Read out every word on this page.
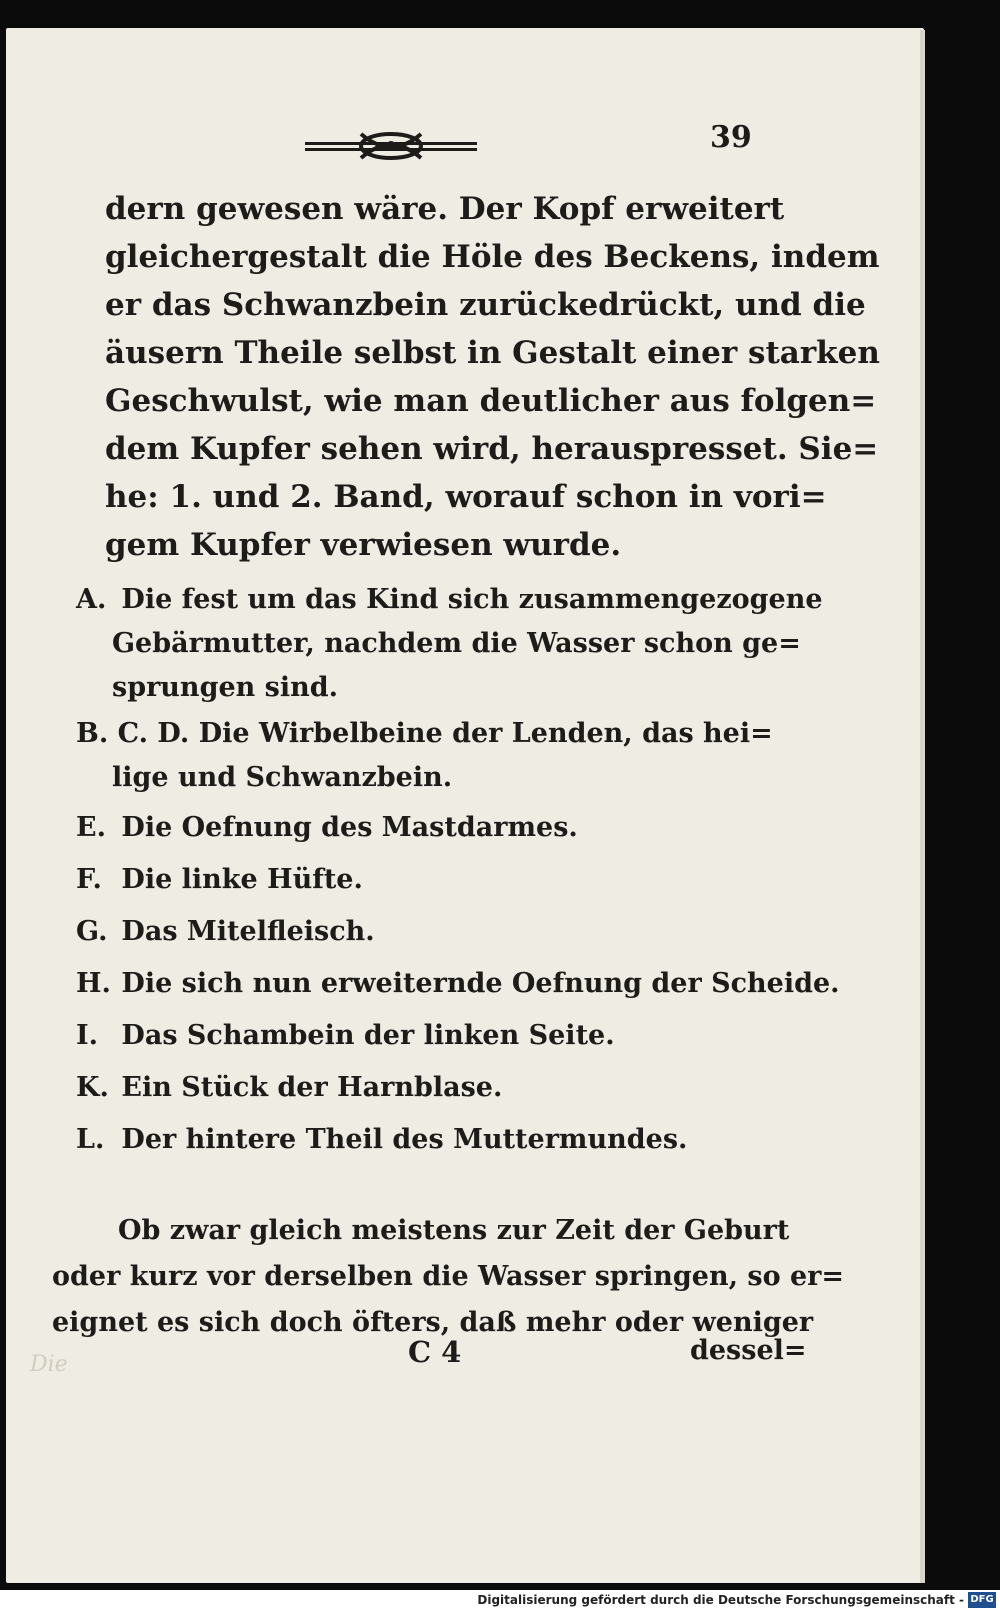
39
dern gewesen wäre. Der Kopf erweitert
gleichergestalt die Höle des Beckens, indem
er das Schwanzbein zurückedrückt, und die
äusern Theile selbst in Gestalt einer starken
Geschwulst, wie man deutlicher aus folgen=
dem Kupfer sehen wird, herauspresset. Sie=
he: 1. und 2. Band, worauf schon in vori=
gem Kupfer verwiesen wurde.
A. Die fest um das Kind sich zusammengezogene
Gebärmutter, nachdem die Wasser schon ge=
sprungen sind.
B. C. D. Die Wirbelbeine der Lenden, das hei=
lige und Schwanzbein.
E. Die Oefnung des Mastdarmes.
F. Die linke Hüfte.
G. Das Mitelfleisch.
H. Die sich nun erweiternde Oefnung der Scheide.
I. Das Schambein der linken Seite.
K. Ein Stück der Harnblase.
L. Der hintere Theil des Muttermundes.
Ob zwar gleich meistens zur Zeit der Geburt
oder kurz vor derselben die Wasser springen, so er=
eignet es sich doch öfters, daß mehr oder weniger
C 4	dessel=
Die
Digitalisierung gefördert durch die Deutsche Forschungsgemeinschaft - DFG
